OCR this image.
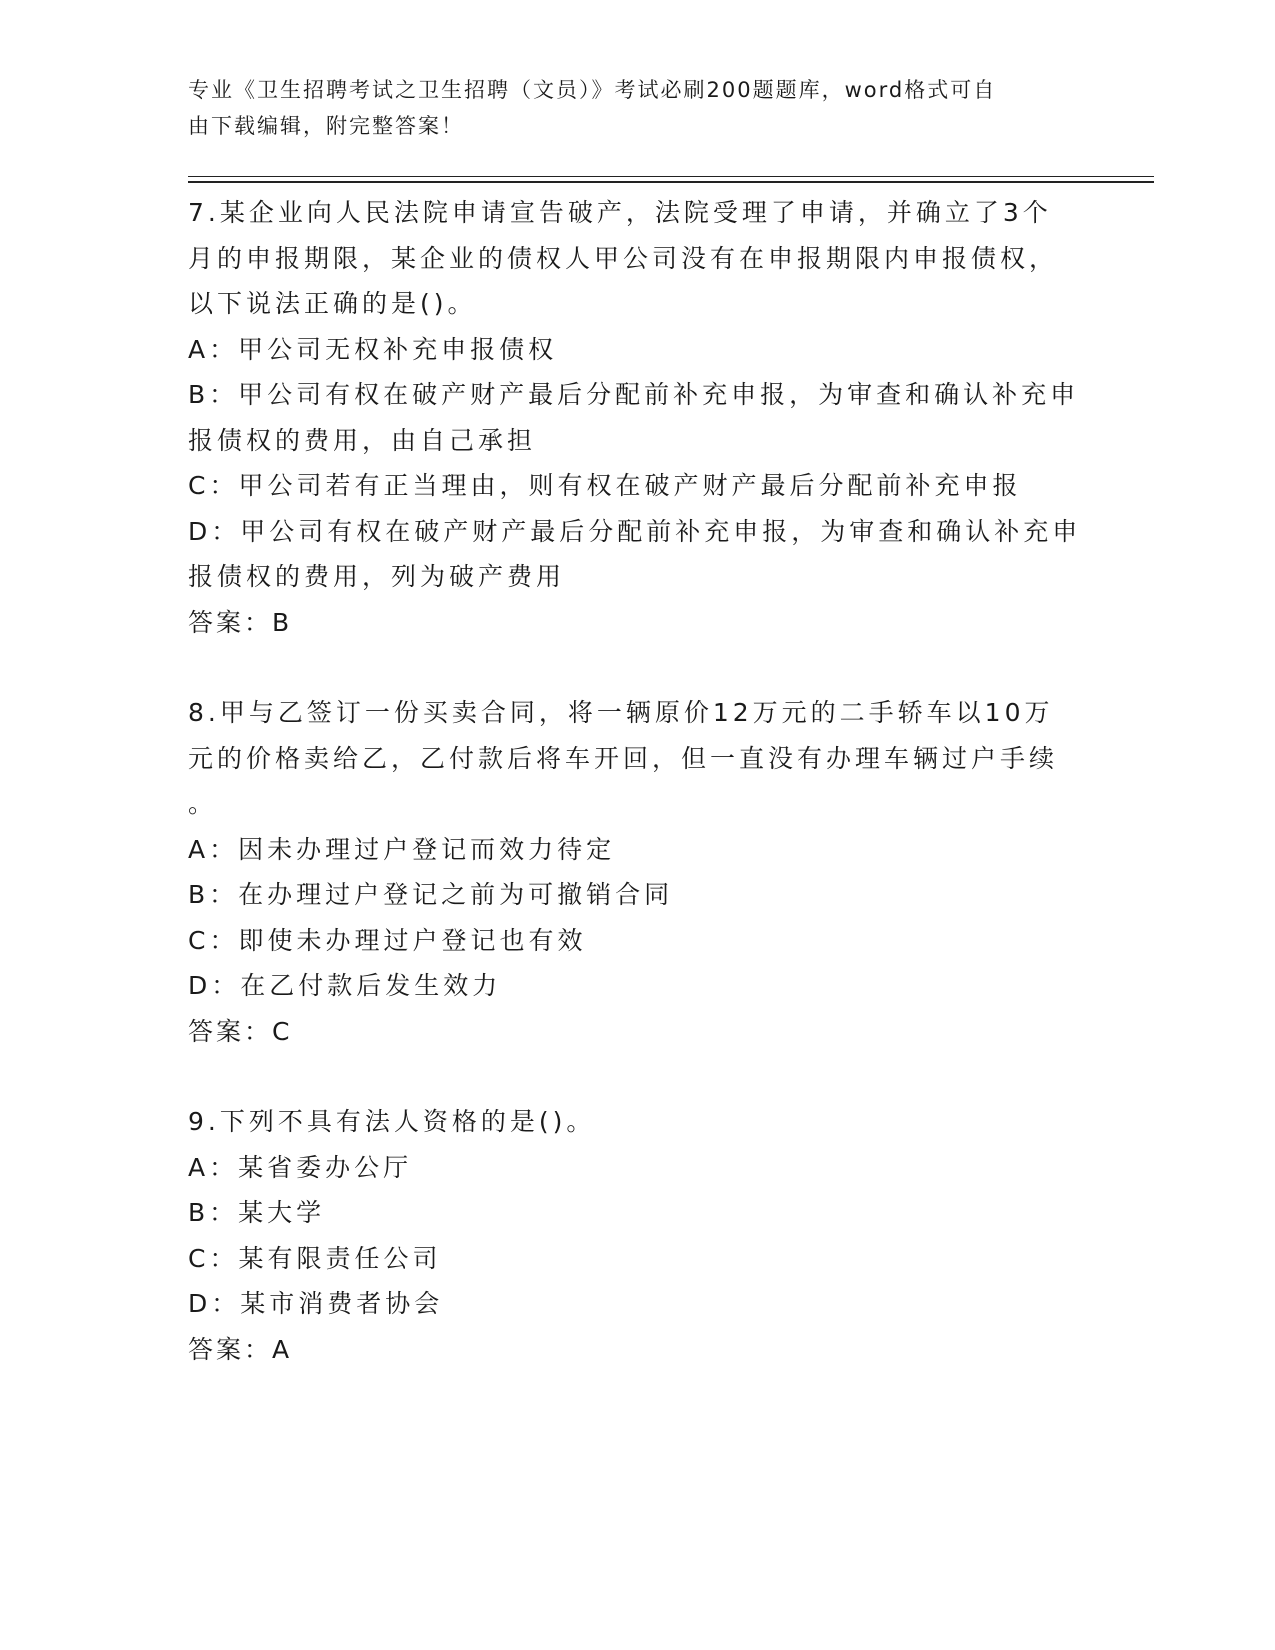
专业《卫生招聘考试之卫生招聘（文员）》考试必刷200题题库，word格式可自
由下载编辑，附完整答案！
7.某企业向人民法院申请宣告破产，法院受理了申请，并确立了3个
月的申报期限，某企业的债权人甲公司没有在申报期限内申报债权，
以下说法正确的是()。
A：甲公司无权补充申报债权
B：甲公司有权在破产财产最后分配前补充申报，为审查和确认补充申
报债权的费用，由自己承担
C：甲公司若有正当理由，则有权在破产财产最后分配前补充申报
D：甲公司有权在破产财产最后分配前补充申报，为审查和确认补充申
报债权的费用，列为破产费用
答案：B
8.甲与乙签订一份买卖合同，将一辆原价12万元的二手轿车以10万
元的价格卖给乙，乙付款后将车开回，但一直没有办理车辆过户手续
。
A：因未办理过户登记而效力待定
B：在办理过户登记之前为可撤销合同
C：即使未办理过户登记也有效
D：在乙付款后发生效力
答案：C
9.下列不具有法人资格的是()。
A：某省委办公厅
B：某大学
C：某有限责任公司
D：某市消费者协会
答案：A
